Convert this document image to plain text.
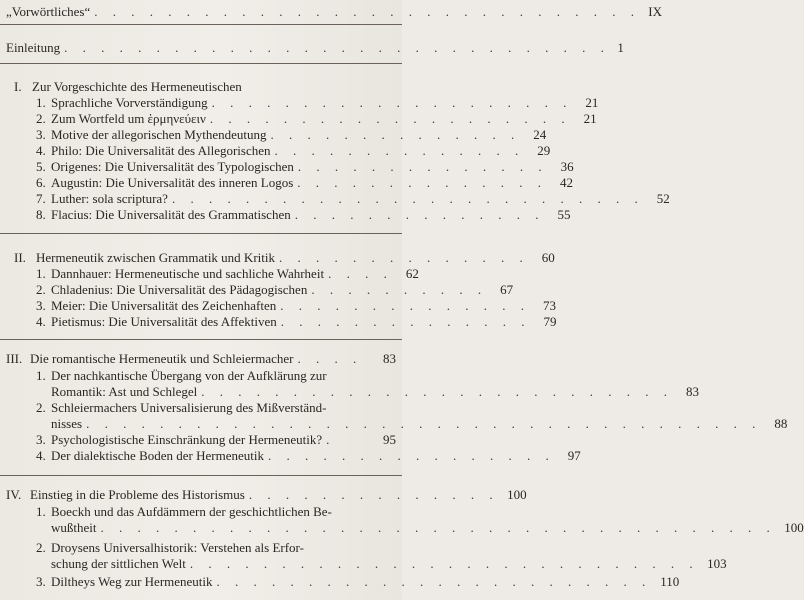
„Vorwörtliches“ . . . . . . . . . . . . . . . . . . . . . . . . . . . . . . IX
Einleitung . . . . . . . . . . . . . . . . . . . . . . . . . . . . . . 1
I. Zur Vorgeschichte des Hermeneutischen
1. Sprachliche Vorverständigung . . . . . . . . . . . . . . . . . . . .	21
2. Zum Wortfeld um ἑρμηνεύειν . . . . . . . . . . . . . . . . . . . .	21
3. Motive der allegorischen Mythendeutung . . . . . . . . . . . . . .	24
4. Philo: Die Universalität des Allegorischen . . . . . . . . . . . . . .	29
5. Origenes: Die Universalität des Typologischen . . . . . . . . . . . . . .	36
6. Augustin: Die Universalität des inneren Logos . . . . . . . . . . . . . .	42
7. Luther: sola scriptura? . . . . . . . . . . . . . . . . . . . . . . . . . .	52
8. Flacius: Die Universalität des Grammatischen . . . . . . . . . . . . . .	55
II. Hermeneutik zwischen Grammatik und Kritik . . . . . . . . . . . . . .	60
1. Dannhauer: Hermeneutische und sachliche Wahrheit . . . .	62
2. Chladenius: Die Universalität des Pädagogischen . . . . . . . . . .	67
3. Meier: Die Universalität des Zeichenhaften . . . . . . . . . . . . . .	73
4. Pietismus: Die Universalität des Affektiven . . . . . . . . . . . . . .	79
III. Die romantische Hermeneutik und Schleiermacher . . . .	83
1. Der nachkantische Übergang von der Aufklärung zur
Romantik: Ast und Schlegel . . . . . . . . . . . . . . . . . . . . . . . . . .	83
2. Schleiermachers Universalisierung des Mißverständ-
nisses . . . . . . . . . . . . . . . . . . . . . . . . . . . . . . . . . . . . .	88
3. Psychologistische Einschränkung der Hermeneutik? .	95
4. Der dialektische Boden der Hermeneutik . . . . . . . . . . . . . . . .	97
IV. Einstieg in die Probleme des Historismus . . . . . . . . . . . . . . 100
1. Boeckh und das Aufdämmern der geschichtlichen Be-
wußtheit . . . . . . . . . . . . . . . . . . . . . . . . . . . . . . . . . . . . . 100
2. Droysens Universalhistorik: Verstehen als Erfor-
schung der sittlichen Welt . . . . . . . . . . . . . . . . . . . . . . . . . . . . 103
3. Diltheys Weg zur Hermeneutik . . . . . . . . . . . . . . . . . . . . . . . . 110
